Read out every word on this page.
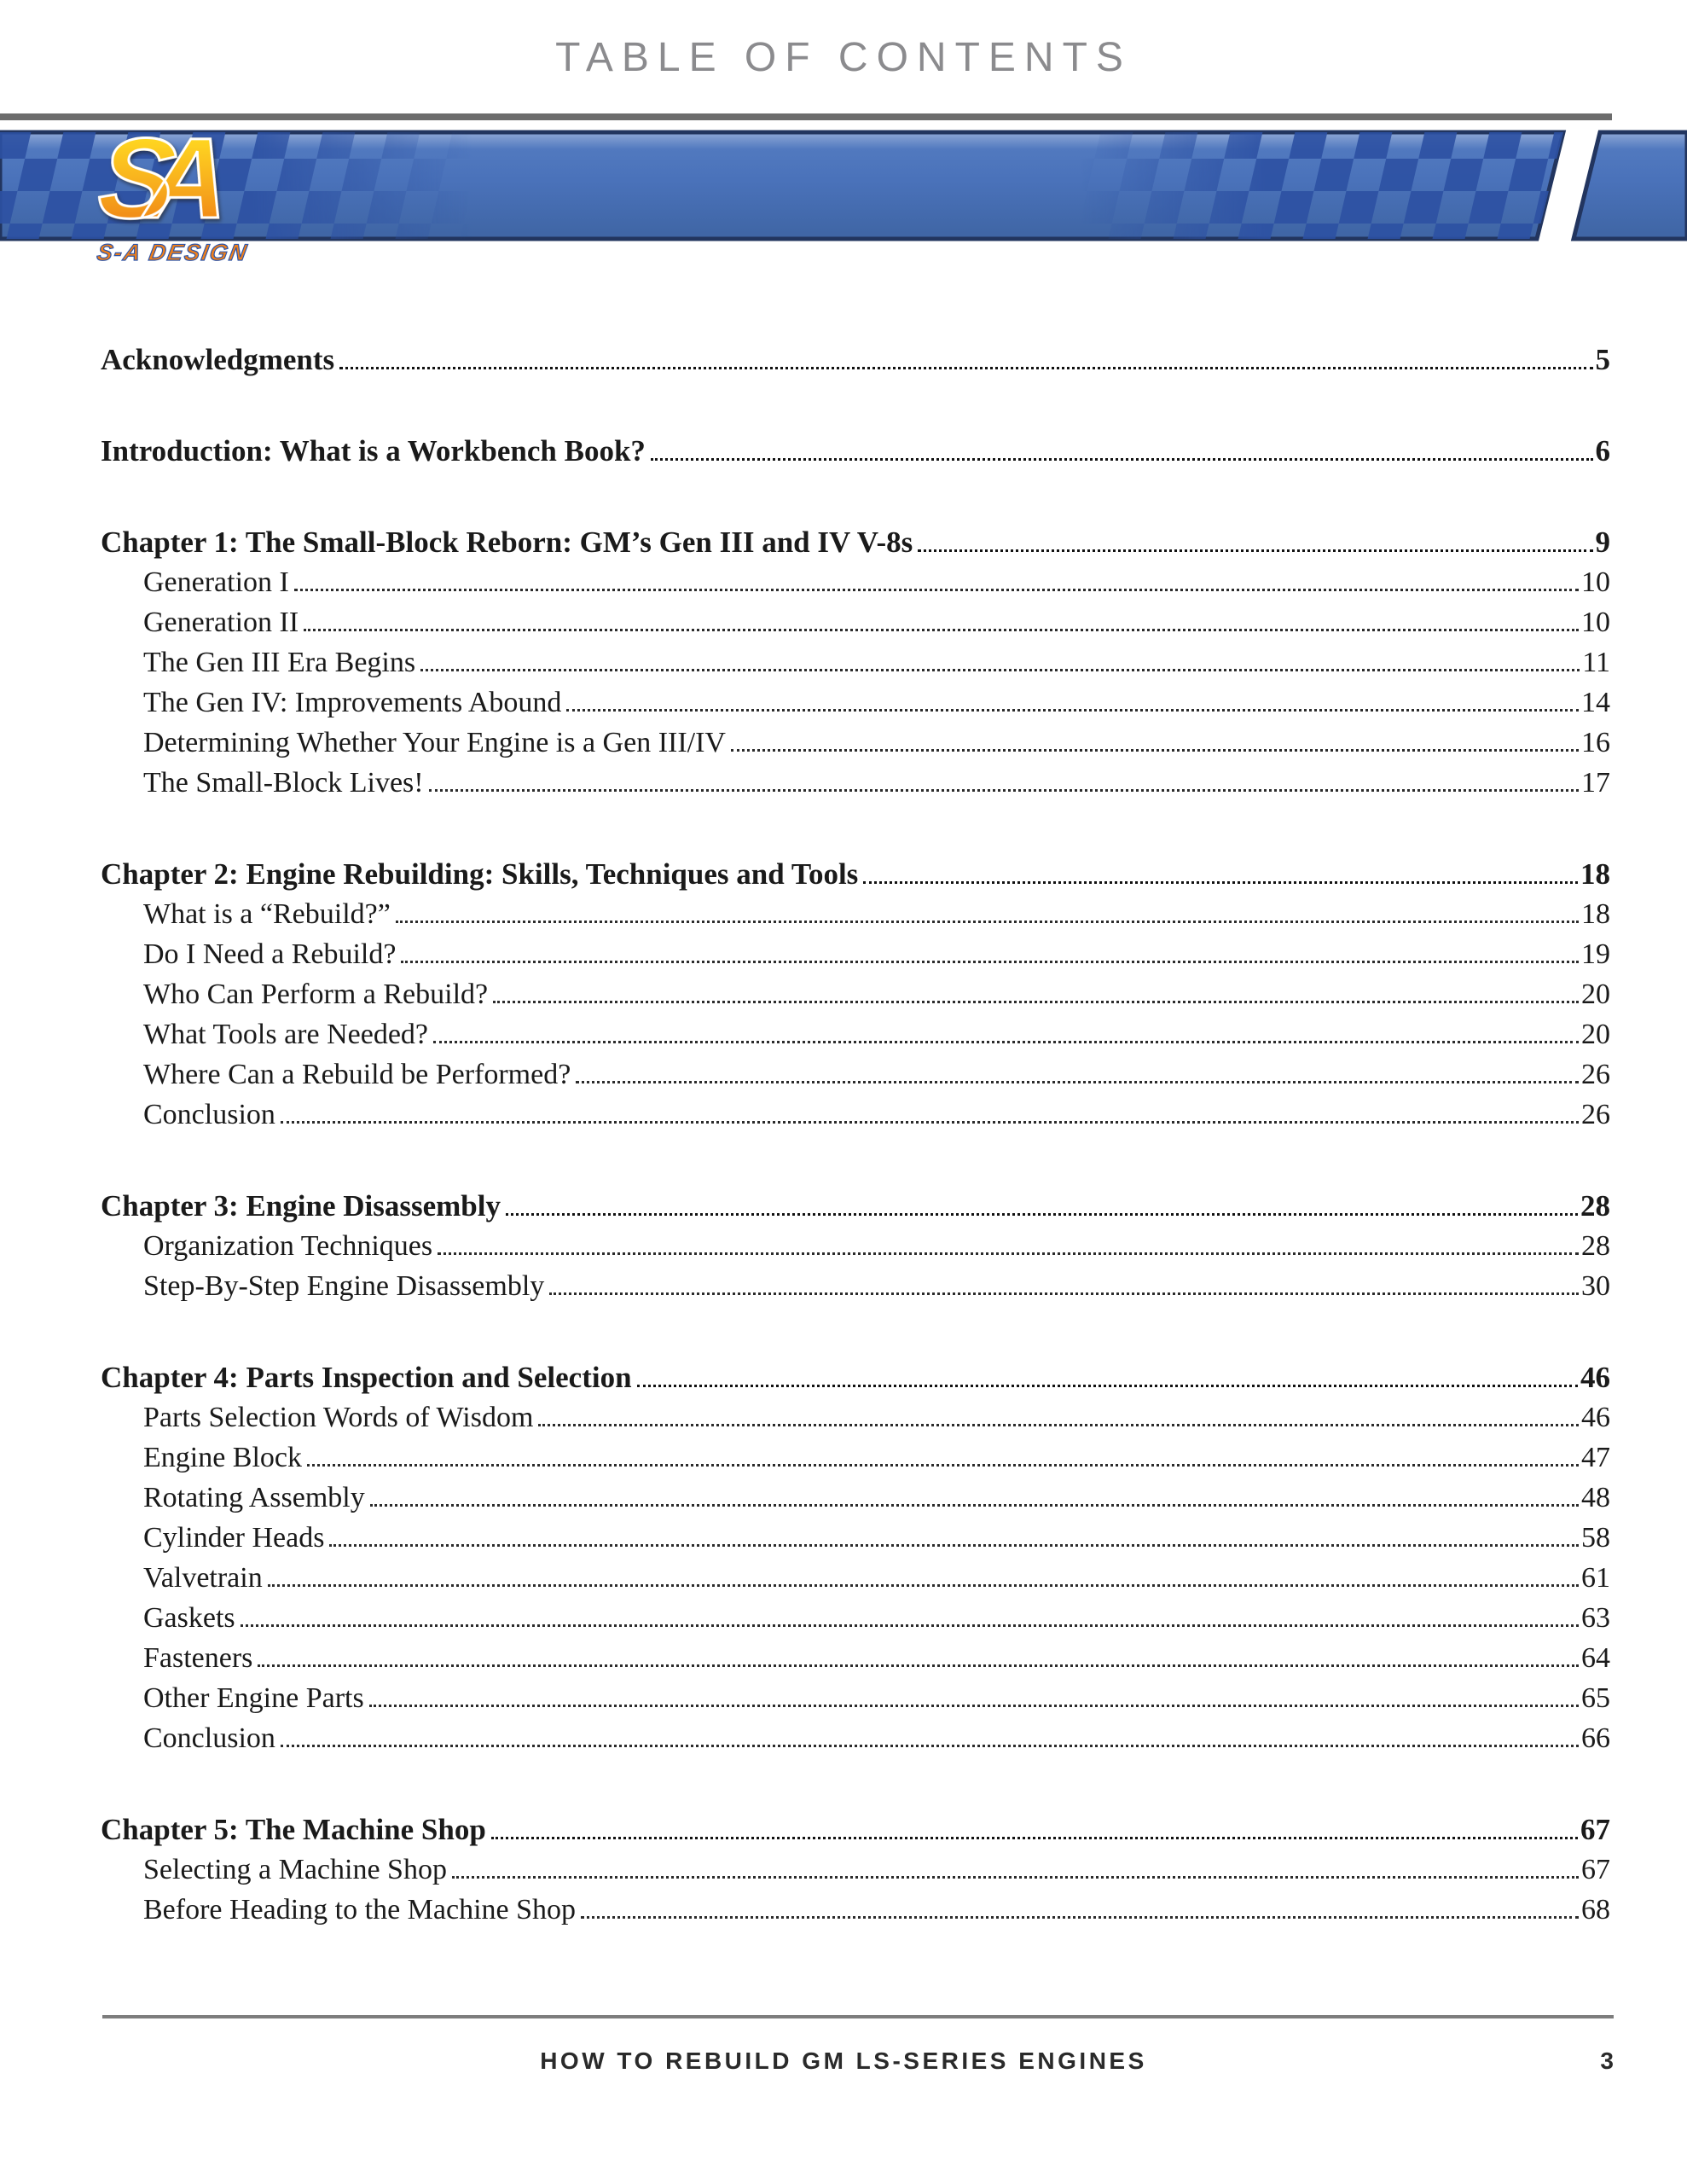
TABLE OF CONTENTS
SA
S-A DESIGN
Acknowledgments	5
Introduction: What is a Workbench Book?	6
Chapter 1: The Small-Block Reborn: GM’s Gen III and IV V-8s	9
Generation I	10
Generation II	10
The Gen III Era Begins	11
The Gen IV: Improvements Abound	14
Determining Whether Your Engine is a Gen III/IV	16
The Small-Block Lives!	17
Chapter 2: Engine Rebuilding: Skills, Techniques and Tools	18
What is a “Rebuild?”	18
Do I Need a Rebuild?	19
Who Can Perform a Rebuild?	20
What Tools are Needed?	20
Where Can a Rebuild be Performed?	26
Conclusion	26
Chapter 3: Engine Disassembly	28
Organization Techniques	28
Step-By-Step Engine Disassembly	30
Chapter 4: Parts Inspection and Selection	46
Parts Selection Words of Wisdom	46
Engine Block	47
Rotating Assembly	48
Cylinder Heads	58
Valvetrain	61
Gaskets	63
Fasteners	64
Other Engine Parts	65
Conclusion	66
Chapter 5: The Machine Shop	67
Selecting a Machine Shop	67
Before Heading to the Machine Shop	68
HOW TO REBUILD GM LS-SERIES ENGINES	3
